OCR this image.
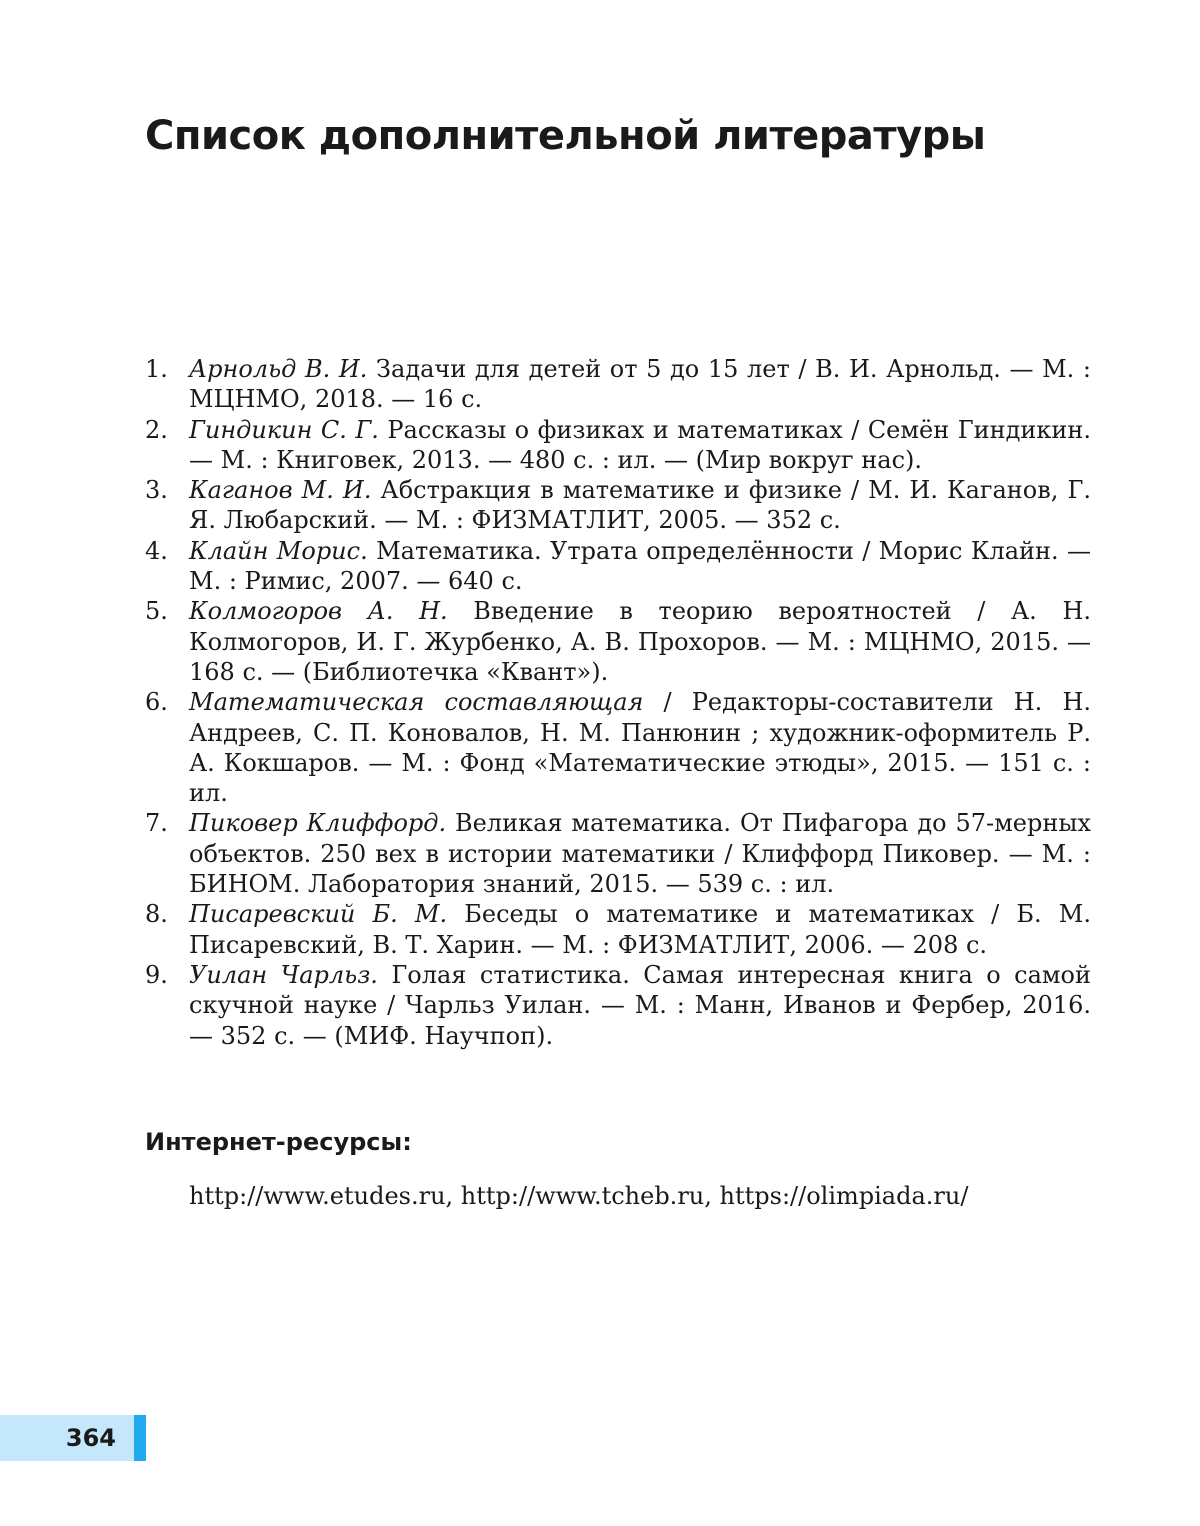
Список дополнительной литературы
1. Арнольд В. И. Задачи для детей от 5 до 15 лет / В. И. Арнольд. — М. : МЦНМО, 2018. — 16 с.
2. Гиндикин С. Г. Рассказы о физиках и математиках / Семён Гиндикин. — М. : Книговек, 2013. — 480 с. : ил. — (Мир вокруг нас).
3. Каганов М. И. Абстракция в математике и физике / М. И. Каганов, Г. Я. Любарский. — М. : ФИЗМАТЛИТ, 2005. — 352 с.
4. Клайн Морис. Математика. Утрата определённости / Морис Клайн. — М. : Римис, 2007. — 640 с.
5. Колмогоров А. Н. Введение в теорию вероятностей / А. Н. Колмогоров, И. Г. Журбенко, А. В. Прохоров. — М. : МЦНМО, 2015. — 168 с. — (Библиотечка «Квант»).
6. Математическая составляющая / Редакторы-составители Н. Н. Андреев, С. П. Коновалов, Н. М. Панюнин ; художник-оформитель Р. А. Кокшаров. — М. : Фонд «Математические этюды», 2015. — 151 с. : ил.
7. Пиковер Клиффорд. Великая математика. От Пифагора до 57-мерных объектов. 250 вех в истории математики / Клиффорд Пиковер. — М. : БИНОМ. Лаборатория знаний, 2015. — 539 с. : ил.
8. Писаревский Б. М. Беседы о математике и математиках / Б. М. Писаревский, В. Т. Харин. — М. : ФИЗМАТЛИТ, 2006. — 208 с.
9. Уилан Чарльз. Голая статистика. Самая интересная книга о самой скучной науке / Чарльз Уилан. — М. : Манн, Иванов и Фербер, 2016. — 352 с. — (МИФ. Научпоп).
Интернет-ресурсы:
http://www.etudes.ru, http://www.tcheb.ru, https://olimpiada.ru/
364
